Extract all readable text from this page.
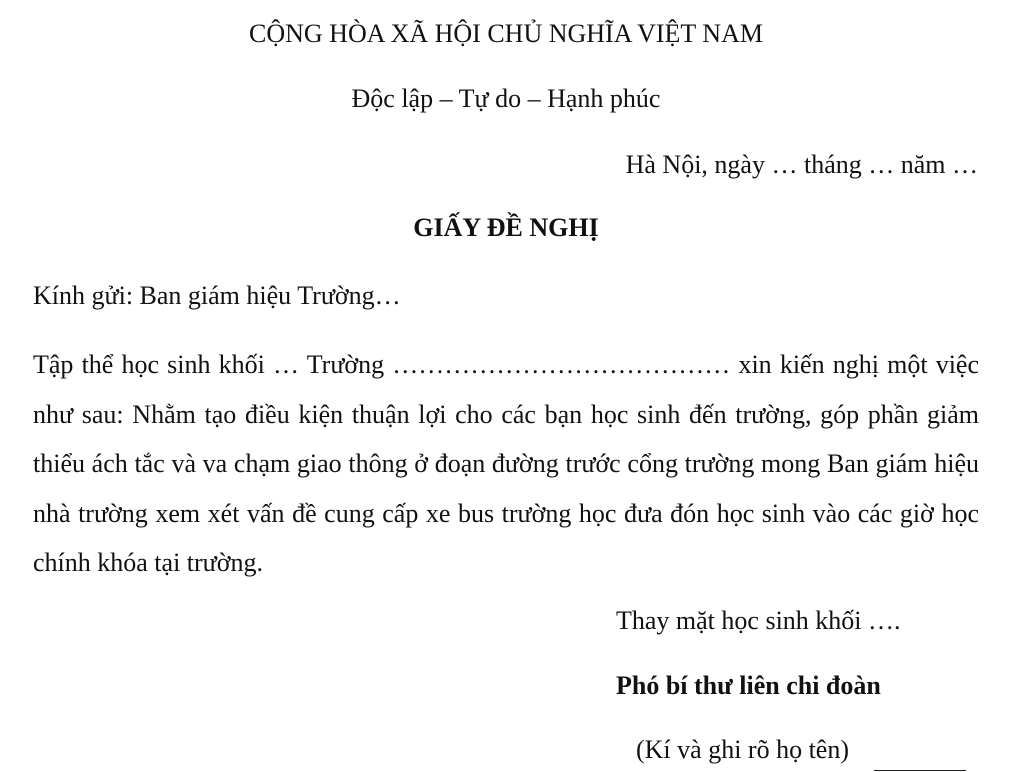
CỘNG HÒA XÃ HỘI CHỦ NGHĨA VIỆT NAM
Độc lập – Tự do – Hạnh phúc
Hà Nội, ngày … tháng … năm …
GIẤY ĐỀ NGHỊ
Kính gửi: Ban giám hiệu Trường…
Tập thể học sinh khối … Trường ………………………………… xin kiến nghị một việc như sau: Nhằm tạo điều kiện thuận lợi cho các bạn học sinh đến trường, góp phần giảm thiểu ách tắc và va chạm giao thông ở đoạn đường trước cổng trường mong Ban giám hiệu nhà trường xem xét vấn đề cung cấp xe bus trường học đưa đón học sinh vào các giờ học chính khóa tại trường.
Thay mặt học sinh khối ….
Phó bí thư liên chi đoàn
(Kí và ghi rõ họ tên)
